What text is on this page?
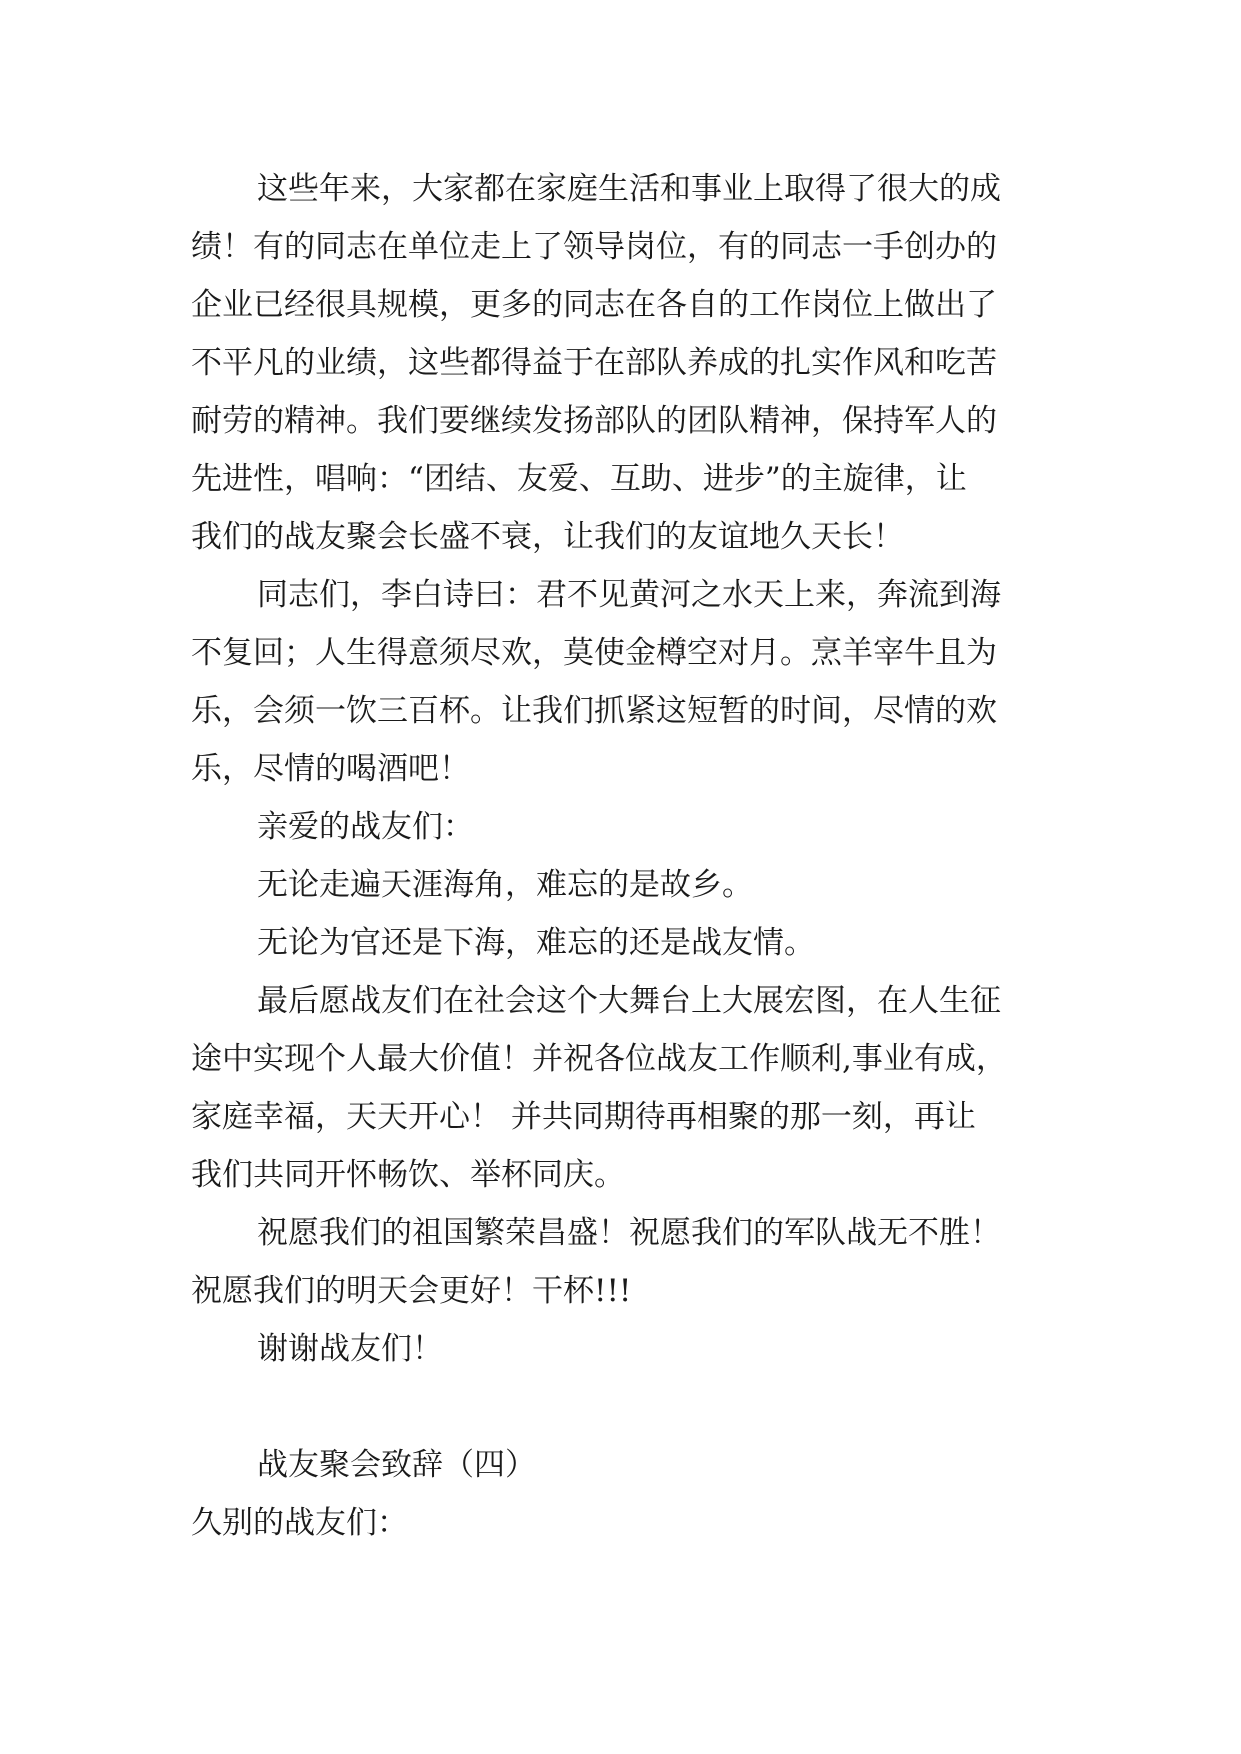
这些年来，大家都在家庭生活和事业上取得了很大的成
绩！有的同志在单位走上了领导岗位，有的同志一手创办的
企业已经很具规模，更多的同志在各自的工作岗位上做出了
不平凡的业绩，这些都得益于在部队养成的扎实作风和吃苦
耐劳的精神。我们要继续发扬部队的团队精神，保持军人的
先进性，唱响：“团结、友爱、互助、进步”的主旋律，让
我们的战友聚会长盛不衰，让我们的友谊地久天长！

同志们，李白诗曰：君不见黄河之水天上来，奔流到海
不复回；人生得意须尽欢，莫使金樽空对月。烹羊宰牛且为
乐，会须一饮三百杯。让我们抓紧这短暂的时间，尽情的欢
乐，尽情的喝酒吧！

亲爱的战友们：

无论走遍天涯海角，难忘的是故乡。

无论为官还是下海，难忘的还是战友情。

最后愿战友们在社会这个大舞台上大展宏图，在人生征
途中实现个人最大价值！并祝各位战友工作顺利,事业有成，
家庭幸福，天天开心！ 并共同期待再相聚的那一刻，再让
我们共同开怀畅饮、举杯同庆。

祝愿我们的祖国繁荣昌盛！祝愿我们的军队战无不胜！
祝愿我们的明天会更好！干杯!!!

谢谢战友们！

战友聚会致辞（四）

久别的战友们：
